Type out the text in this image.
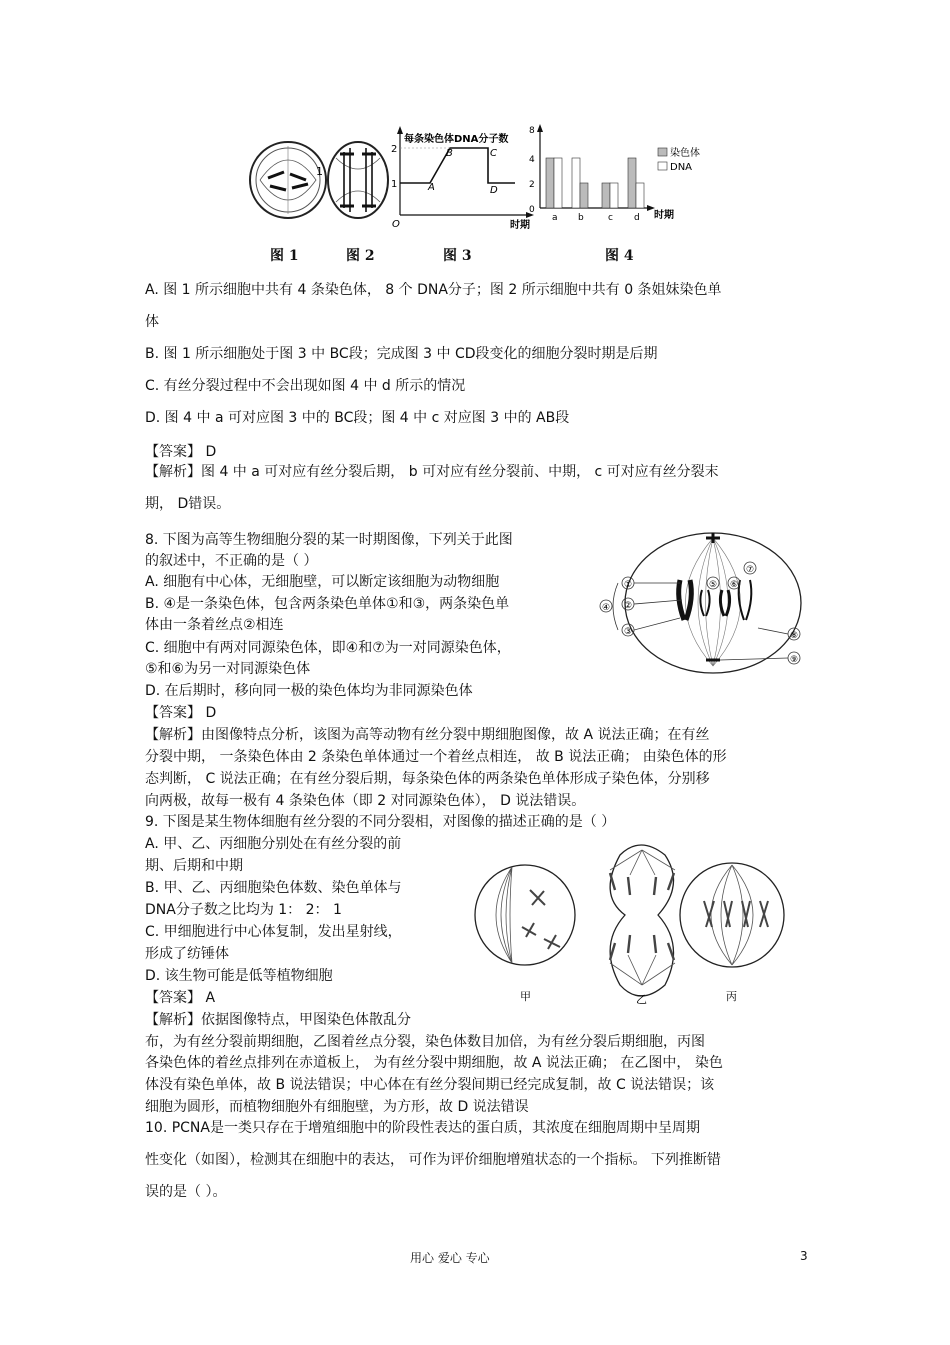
1
每条染色体DNA分子数
2
1
O
A
B	C
D
时期
8
4
2
0
a b	c d 时期
染色体
DNA
图 1	图 2	图 3	图 4
A. 图 1 所示细胞中共有 4 条染色体， 8 个 DNA分子；图 2 所示细胞中共有 0 条姐妹染色单
体
B. 图 1 所示细胞处于图 3 中 BC段；完成图 3 中 CD段变化的细胞分裂时期是后期
C. 有丝分裂过程中不会出现如图 4 中 d 所示的情况
D. 图 4 中 a 可对应图 3 中的 BC段；图 4 中 c 对应图 3 中的 AB段
【答案】 D
【解析】图 4 中 a 可对应有丝分裂后期， b 可对应有丝分裂前、中期， c 可对应有丝分裂末
期， D错误。
8. 下图为高等生物细胞分裂的某一时期图像，下列关于此图
的叙述中，不正确的是（ ）
A. 细胞有中心体，无细胞壁，可以断定该细胞为动物细胞
B. ④是一条染色体，包含两条染色单体①和③，两条染色单
体由一条着丝点②相连
C. 细胞中有两对同源染色体，即④和⑦为一对同源染色体，
⑤和⑥为另一对同源染色体
D. 在后期时，移向同一极的染色体均为非同源染色体
【答案】 D
【解析】由图像特点分析，该图为高等动物有丝分裂中期细胞图像，故 A 说法正确；在有丝
分裂中期， 一条染色体由 2 条染色单体通过一个着丝点相连， 故 B 说法正确； 由染色体的形
态判断， C 说法正确；在有丝分裂后期，每条染色体的两条染色单体形成子染色体，分别移
向两极，故每一极有 4 条染色体（即 2 对同源染色体）， D 说法错误。
①
②
③
④
⑤ ⑥
⑦
⑧
⑨
9. 下图是某生物体细胞有丝分裂的不同分裂相，对图像的描述正确的是（ ）
A. 甲、乙、丙细胞分别处在有丝分裂的前
期、后期和中期
B. 甲、乙、丙细胞染色体数、染色单体与
DNA分子数之比均为 1： 2： 1
C. 甲细胞进行中心体复制，发出星射线，
形成了纺锤体
D. 该生物可能是低等植物细胞
【答案】 A
【解析】依据图像特点，甲图染色体散乱分
布，为有丝分裂前期细胞，乙图着丝点分裂，染色体数目加倍，为有丝分裂后期细胞，丙图
各染色体的着丝点排列在赤道板上， 为有丝分裂中期细胞，故 A 说法正确； 在乙图中， 染色
体没有染色单体，故 B 说法错误；中心体在有丝分裂间期已经完成复制，故 C 说法错误；该
细胞为圆形，而植物细胞外有细胞壁，为方形，故 D 说法错误
甲	乙	丙
10. PCNA是一类只存在于增殖细胞中的阶段性表达的蛋白质，其浓度在细胞周期中呈周期
性变化（如图），检测其在细胞中的表达， 可作为评价细胞增殖状态的一个指标。 下列推断错
误的是（ ）。
用心 爱心 专心	3
